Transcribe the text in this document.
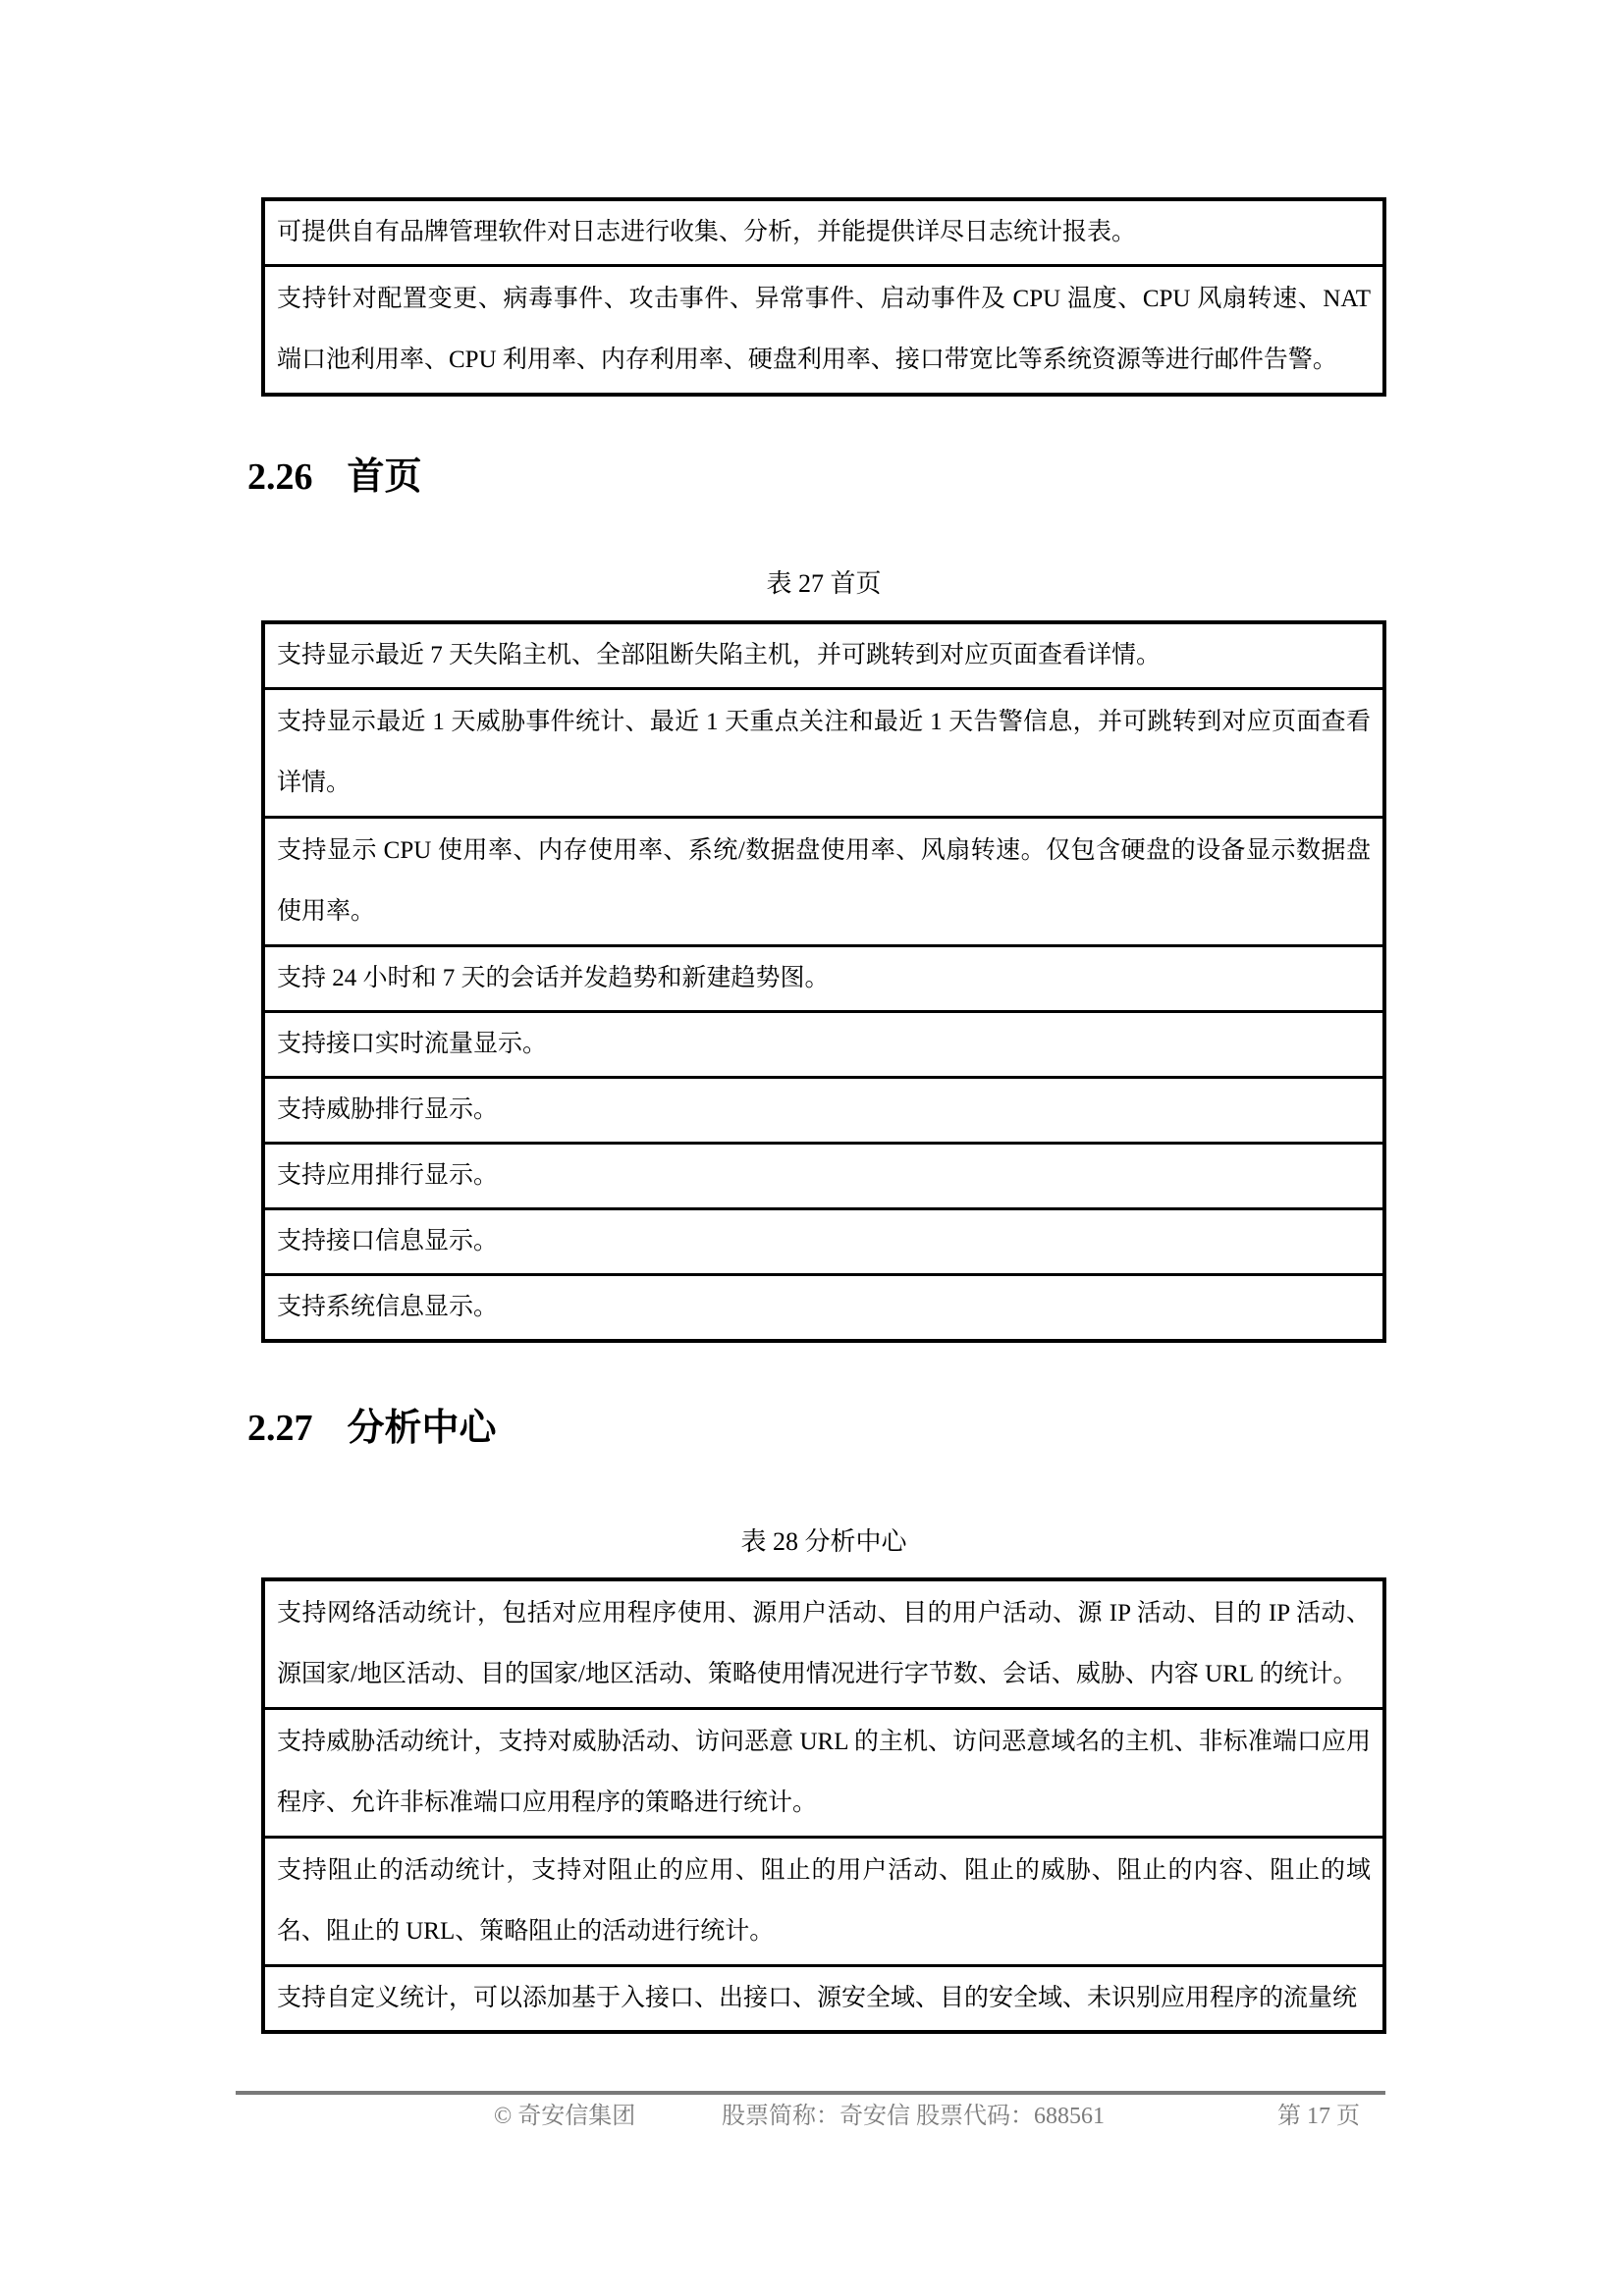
可提供自有品牌管理软件对日志进行收集、分析，并能提供详尽日志统计报表。
支持针对配置变更、病毒事件、攻击事件、异常事件、启动事件及 CPU 温度、CPU 风扇转速、NAT 端口池利用率、CPU 利用率、内存利用率、硬盘利用率、接口带宽比等系统资源等进行邮件告警。
2.26 首页
表 27 首页
支持显示最近 7 天失陷主机、全部阻断失陷主机，并可跳转到对应页面查看详情。
支持显示最近 1 天威胁事件统计、最近 1 天重点关注和最近 1 天告警信息，并可跳转到对应页面查看详情。
支持显示 CPU 使用率、内存使用率、系统/数据盘使用率、风扇转速。仅包含硬盘的设备显示数据盘使用率。
支持 24 小时和 7 天的会话并发趋势和新建趋势图。
支持接口实时流量显示。
支持威胁排行显示。
支持应用排行显示。
支持接口信息显示。
支持系统信息显示。
2.27 分析中心
表 28 分析中心
支持网络活动统计，包括对应用程序使用、源用户活动、目的用户活动、源 IP 活动、目的 IP 活动、源国家/地区活动、目的国家/地区活动、策略使用情况进行字节数、会话、威胁、内容 URL 的统计。
支持威胁活动统计，支持对威胁活动、访问恶意 URL 的主机、访问恶意域名的主机、非标准端口应用程序、允许非标准端口应用程序的策略进行统计。
支持阻止的活动统计，支持对阻止的应用、阻止的用户活动、阻止的威胁、阻止的内容、阻止的域名、阻止的 URL、策略阻止的活动进行统计。
支持自定义统计，可以添加基于入接口、出接口、源安全域、目的安全域、未识别应用程序的流量统
© 奇安信集团	股票简称：奇安信 股票代码：688561	第 17 页
